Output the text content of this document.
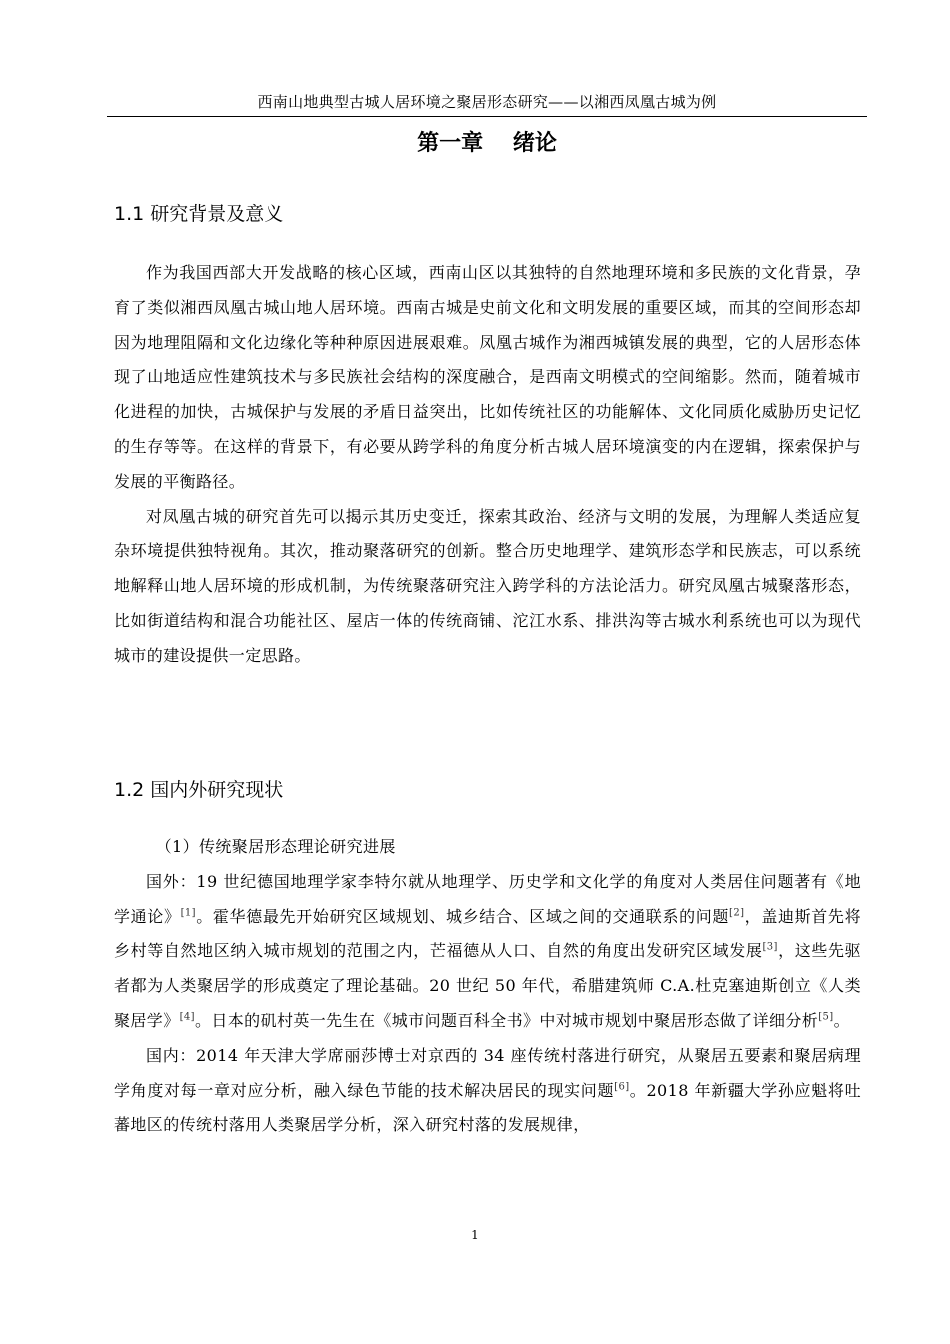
西南山地典型古城人居环境之聚居形态研究——以湘西凤凰古城为例
第一章 绪论
1.1 研究背景及意义

作为我国西部大开发战略的核心区域，西南山区以其独特的自然地理环境和多民族的文化背景，孕育了类似湘西凤凰古城山地人居环境。西南古城是史前文化和文明发展的重要区域，而其的空间形态却因为地理阻隔和文化边缘化等种种原因进展艰难。凤凰古城作为湘西城镇发展的典型，它的人居形态体现了山地适应性建筑技术与多民族社会结构的深度融合，是西南文明模式的空间缩影。然而，随着城市化进程的加快，古城保护与发展的矛盾日益突出，比如传统社区的功能解体、文化同质化威胁历史记忆的生存等等。在这样的背景下，有必要从跨学科的角度分析古城人居环境演变的内在逻辑，探索保护与发展的平衡路径。

对凤凰古城的研究首先可以揭示其历史变迁，探索其政治、经济与文明的发展，为理解人类适应复杂环境提供独特视角。其次，推动聚落研究的创新。整合历史地理学、建筑形态学和民族志，可以系统地解释山地人居环境的形成机制，为传统聚落研究注入跨学科的方法论活力。研究凤凰古城聚落形态，比如街道结构和混合功能社区、屋店一体的传统商铺、沱江水系、排洪沟等古城水利系统也可以为现代城市的建设提供一定思路。

1.2 国内外研究现状

（1）传统聚居形态理论研究进展

国外：19 世纪德国地理学家李特尔就从地理学、历史学和文化学的角度对人类居住问题著有《地学通论》[1]。霍华德最先开始研究区域规划、城乡结合、区域之间的交通联系的问题[2]，盖迪斯首先将乡村等自然地区纳入城市规划的范围之内，芒福德从人口、自然的角度出发研究区域发展[3]，这些先驱者都为人类聚居学的形成奠定了理论基础。20 世纪 50 年代，希腊建筑师 C.A.杜克塞迪斯创立《人类聚居学》[4]。日本的矶村英一先生在《城市问题百科全书》中对城市规划中聚居形态做了详细分析[5]。

国内：2014 年天津大学席丽莎博士对京西的 34 座传统村落进行研究，从聚居五要素和聚居病理学角度对每一章对应分析，融入绿色节能的技术解决居民的现实问题[6]。2018 年新疆大学孙应魁将吐蕃地区的传统村落用人类聚居学分析，深入研究村落的发展规律，

1
